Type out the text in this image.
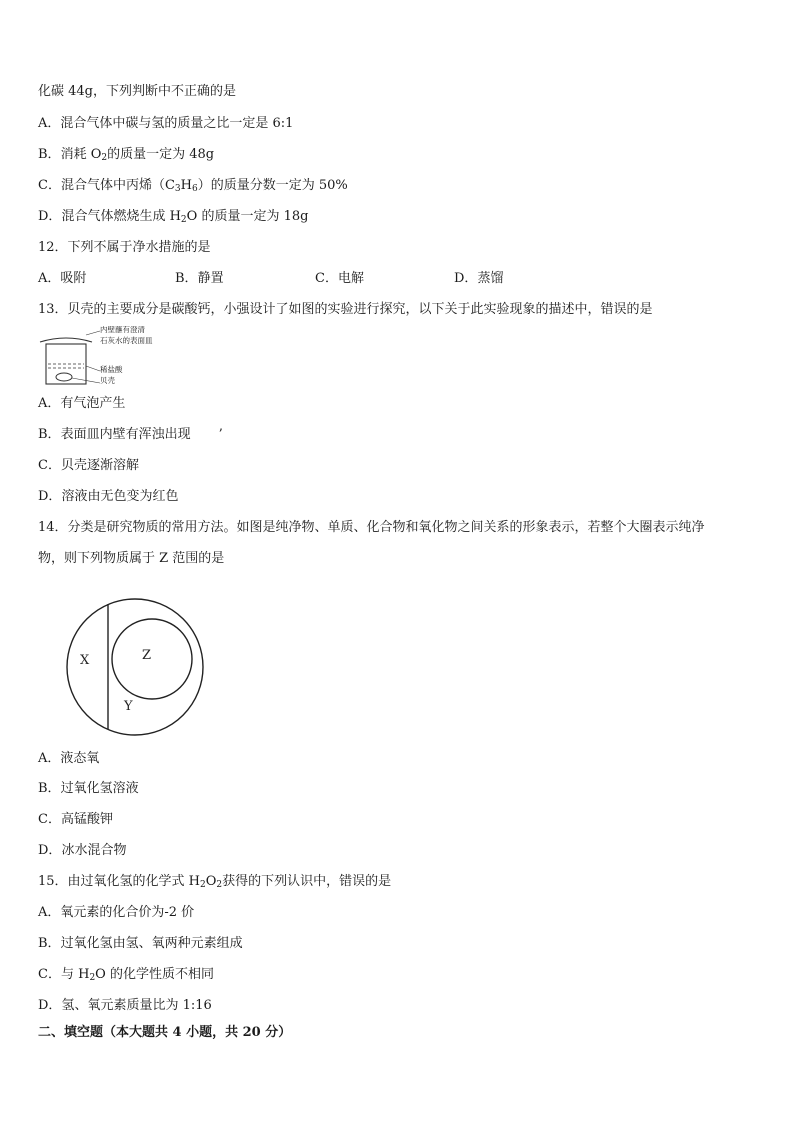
化碳 44g，下列判断中不正确的是
A．混合气体中碳与氢的质量之比一定是 6:1
B．消耗 $O_2$的质量一定为 48g
C．混合气体中丙烯$(C_3H_6)$的质量分数一定为 50%
D．混合气体燃烧生成 $H_2O$ 的质量一定为 18g
12．下列不属于净水措施的是
A．吸附	B．静置	C．电解	D．蒸馏
13．贝壳的主要成分是碳酸钙，小强设计了如图的实验进行探究，以下关于此实验现象的描述中，错误的是
内壁蘸有澄清
石灰水的表面皿
稀盐酸
贝壳
A．有气泡产生
B．表面皿内壁有浑浊出现 ’
C．贝壳逐渐溶解
D．溶液由无色变为红色
14．分类是研究物质的常用方法。如图是纯净物、单质、化合物和氧化物之间关系的形象表示，若整个大圈表示纯净
物，则下列物质属于 Z 范围的是
X	Z
Y
A．液态氧
B．过氧化氢溶液
C．高锰酸钾
D．冰水混合物
15．由过氧化氢的化学式 $H_2O_2$获得的下列认识中，错误的是
A．氧元素的化合价为-2 价
B．过氧化氢由氢、氧两种元素组成
C．与 $H_2O$ 的化学性质不相同
D．氢、氧元素质量比为 1:16
二、填空题（本大题共 4 小题，共 20 分）
